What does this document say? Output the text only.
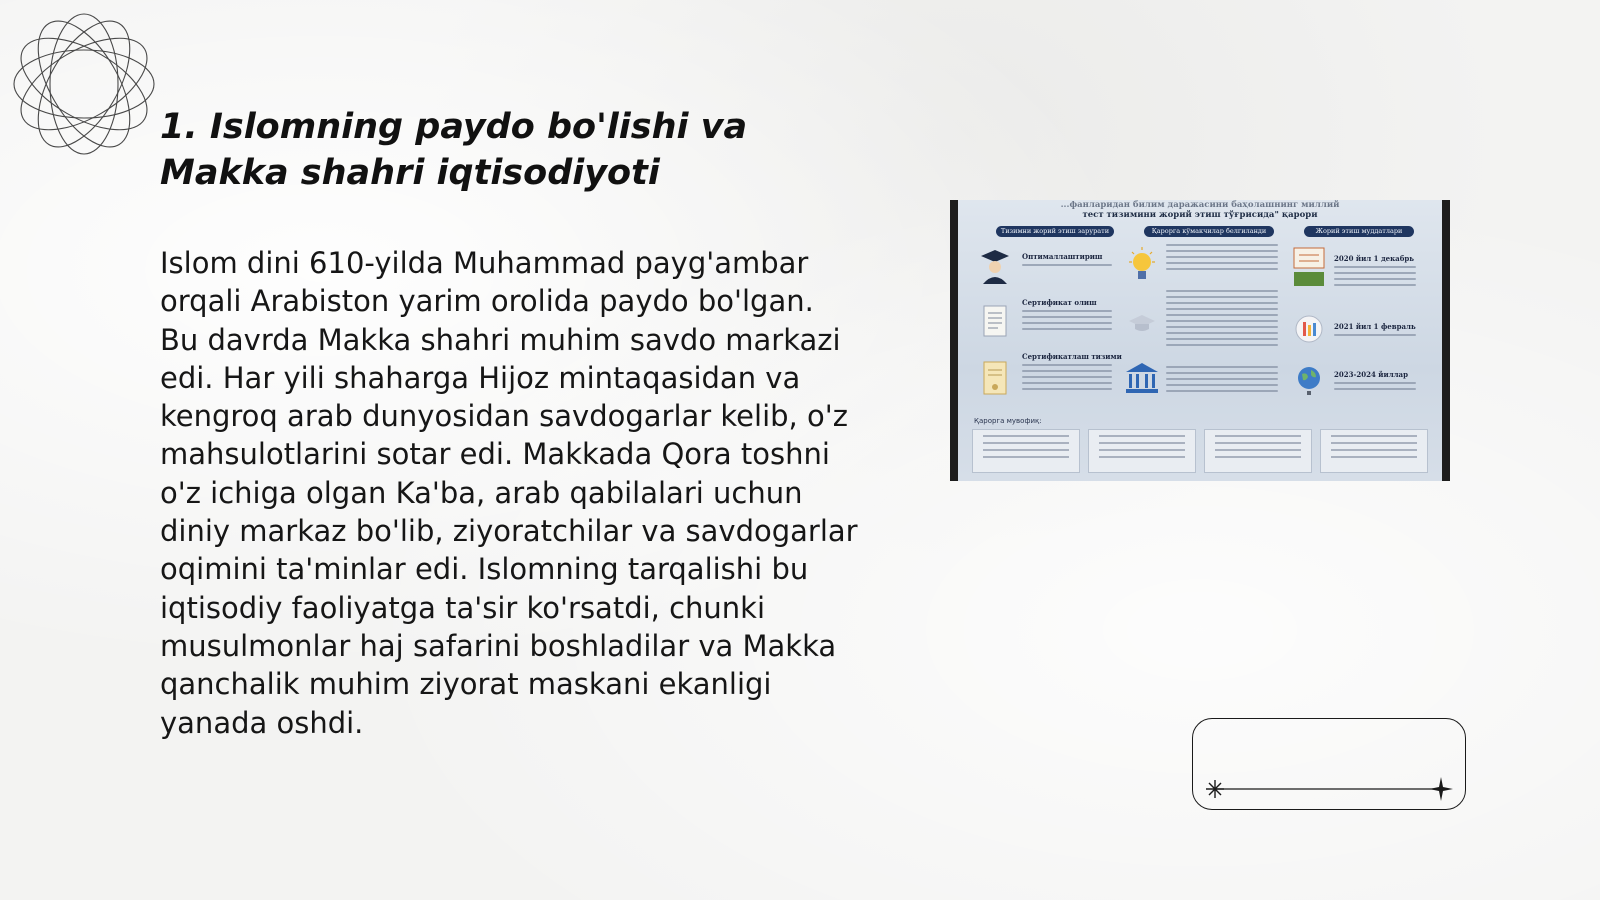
1. Islomning paydo bo'lishi va Makka shahri iqtisodiyoti

Islom dini 610-yilda Muhammad payg'ambar orqali Arabiston yarim orolida paydo bo'lgan. Bu davrda Makka shahri muhim savdo markazi edi. Har yili shaharga Hijoz mintaqasidan va kengroq arab dunyosidan savdogarlar kelib, o'z mahsulotlarini sotar edi. Makkada Qora toshni o'z ichiga olgan Ka'ba, arab qabilalari uchun diniy markaz bo'lib, ziyoratchilar va savdogarlar oqimini ta'minlar edi. Islomning tarqalishi bu iqtisodiy faoliyatga ta'sir ko'rsatdi, chunki musulmonlar haj safarini boshladilar va Makka qanchalik muhim ziyorat maskani ekanligi yanada oshdi.

...фанларидан билим даражасини баҳолашнинг миллий
тест тизимини жорий этиш тўғрисида" қарори
Тизимни жорий этиш зарурати	Қарорга кўмакчилар белгиланди	Жорий этиш муддатлари
Оптималлаштириш
Сертификат олиш
Сертификатлаш тизими
2020 йил 1 декабрь
2021 йил 1 февраль
2023-2024 йиллар
Қарорга мувофиқ:
